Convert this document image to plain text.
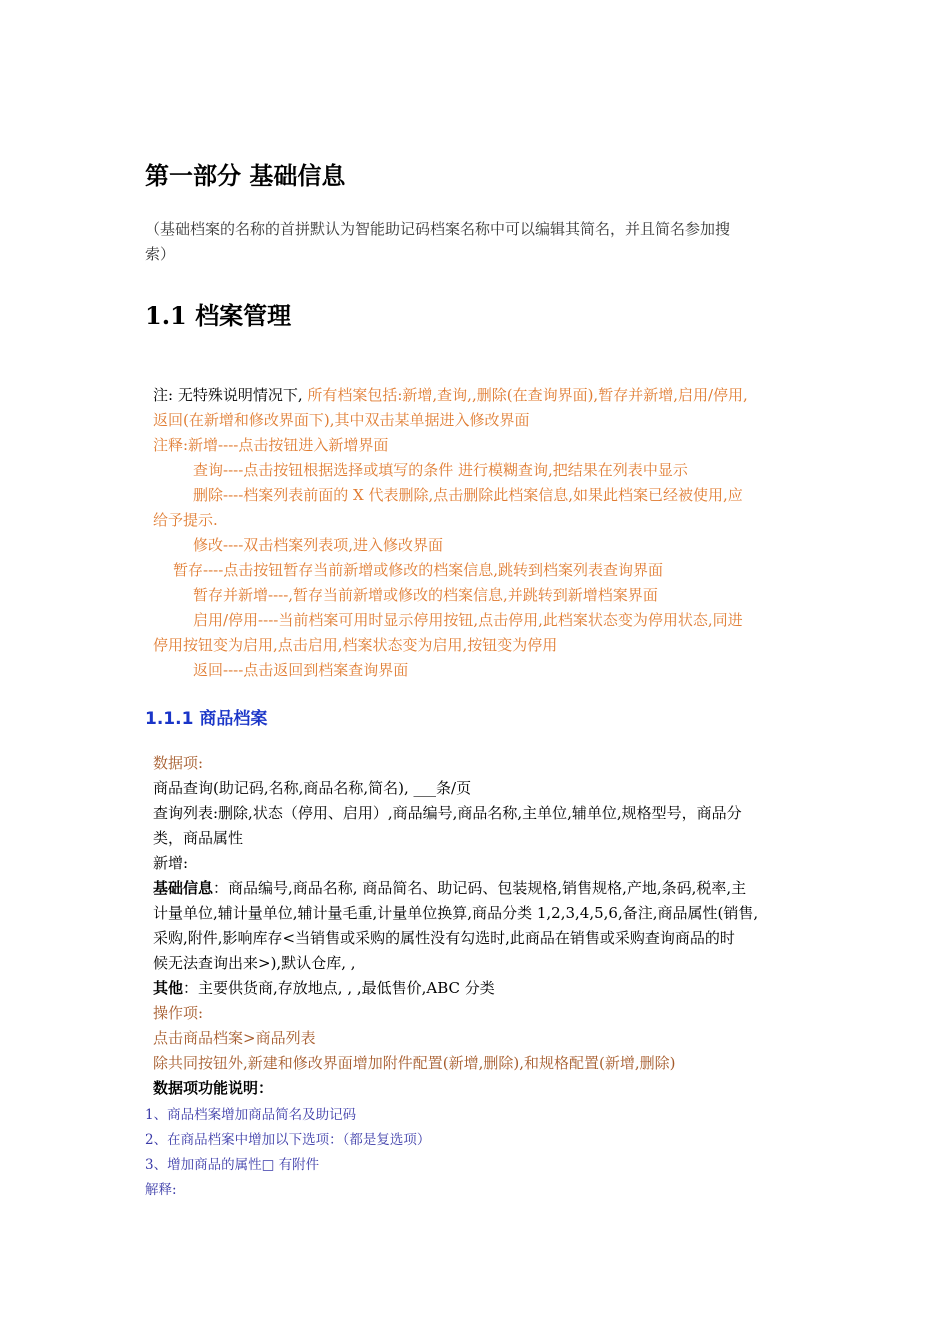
第一部分 基础信息
（基础档案的名称的首拼默认为智能助记码档案名称中可以编辑其简名，并且简名参加搜
索）
1.1 档案管理
注: 无特殊说明情况下, 所有档案包括:新增,查询,,删除(在查询界面),暂存并新增,启用/停用,
返回(在新增和修改界面下),其中双击某单据进入修改界面
注释:新增----点击按钮进入新增界面
查询----点击按钮根据选择或填写的条件 进行模糊查询,把结果在列表中显示
删除----档案列表前面的 X 代表删除,点击删除此档案信息,如果此档案已经被使用,应
给予提示.
修改----双击档案列表项,进入修改界面
暂存----点击按钮暂存当前新增或修改的档案信息,跳转到档案列表查询界面
暂存并新增----,暂存当前新增或修改的档案信息,并跳转到新增档案界面
启用/停用----当前档案可用时显示停用按钮,点击停用,此档案状态变为停用状态,同进
停用按钮变为启用,点击启用,档案状态变为启用,按钮变为停用
返回----点击返回到档案查询界面
1.1.1 商品档案
数据项:
商品查询(助记码,名称,商品名称,简名), ___条/页
查询列表:删除,状态（停用、启用）,商品编号,商品名称,主单位,辅单位,规格型号，商品分
类，商品属性
新增:
基础信息：商品编号,商品名称, 商品简名、助记码、包装规格,销售规格,产地,条码,税率,主
计量单位,辅计量单位,辅计量毛重,计量单位换算,商品分类 1,2,3,4,5,6,备注,商品属性(销售,
采购,附件,影响库存<当销售或采购的属性没有勾选时,此商品在销售或采购查询商品的时
候无法查询出来>),默认仓库, ,
其他：主要供货商,存放地点, , ,最低售价,ABC 分类
操作项:
点击商品档案>商品列表
除共同按钮外,新建和修改界面增加附件配置(新增,删除),和规格配置(新增,删除)
数据项功能说明：
1、商品档案增加商品简名及助记码
2、在商品档案中增加以下选项：（都是复选项）
3、增加商品的属性□ 有附件
解释:
